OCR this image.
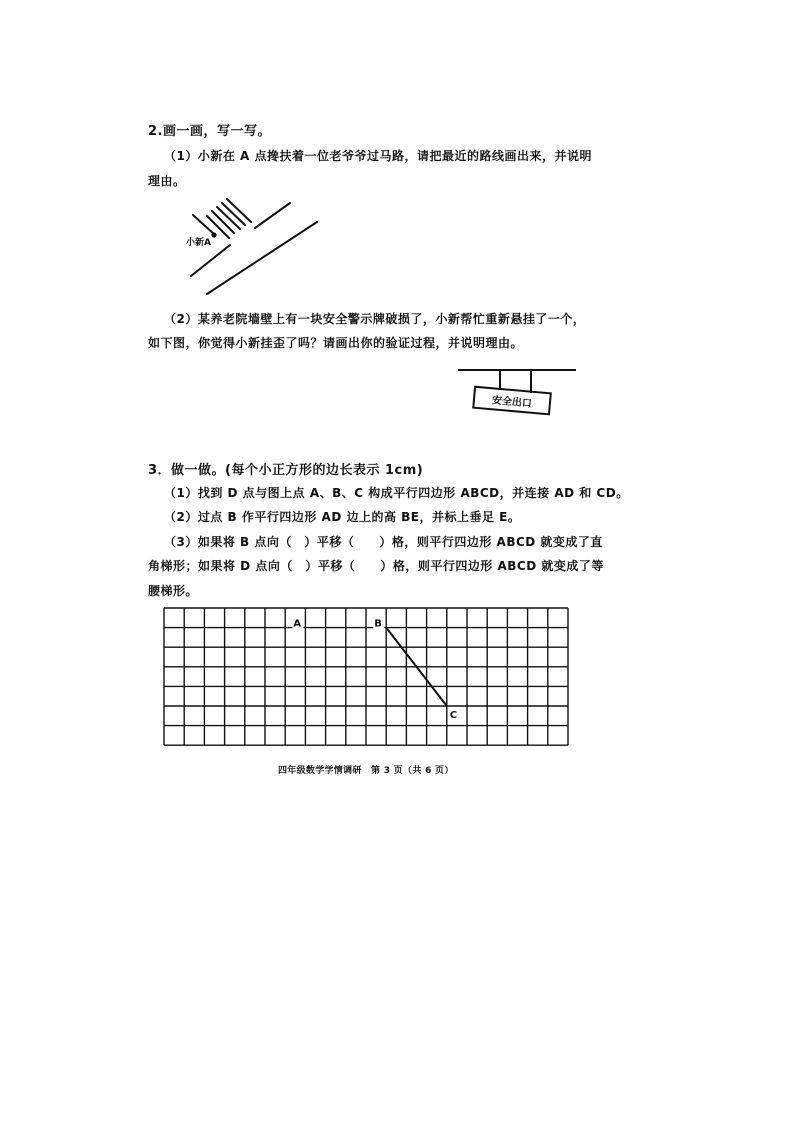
2.画一画，写一写。

（1）小新在 A 点搀扶着一位老爷爷过马路，请把最近的路线画出来，并说明

理由。

小新A

（2）某养老院墙壁上有一块安全警示牌破损了，小新帮忙重新悬挂了一个，

如下图，你觉得小新挂歪了吗？请画出你的验证过程，并说明理由。

安全出口

3．做一做。(每个小正方形的边长表示 1cm)

（1）找到 D 点与图上点 A、B、C 构成平行四边形 ABCD，并连接 AD 和 CD。

（2）过点 B 作平行四边形 AD 边上的高 BE，并标上垂足 E。

（3）如果将 B 点向（　）平移（　　）格，则平行四边形 ABCD 就变成了直

角梯形；如果将 D 点向（　）平移（　　）格，则平行四边形 ABCD 就变成了等

腰梯形。

A	B
C

四年级数学学情调研　第 3 页（共 6 页）
